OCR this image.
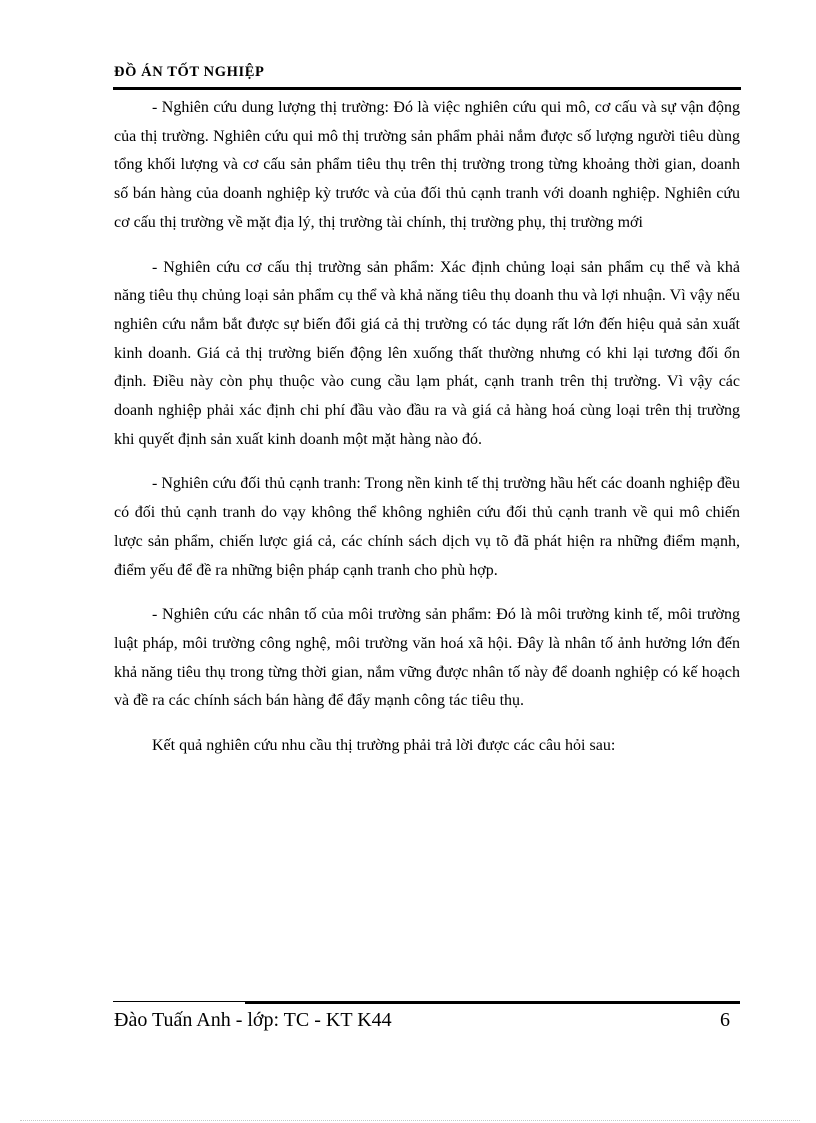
ĐỒ ÁN TỐT NGHIỆP

- Nghiên cứu dung lượng thị trường: Đó là việc nghiên cứu qui mô, cơ cấu và sự vận động của thị trường. Nghiên cứu qui mô thị trường sản phẩm phải nắm được số lượng người tiêu dùng tổng khối lượng và cơ cấu sản phẩm tiêu thụ trên thị trường trong từng khoảng thời gian, doanh số bán hàng của doanh nghiệp kỳ trước và của đối thủ cạnh tranh với doanh nghiệp. Nghiên cứu cơ cấu thị trường về mặt địa lý, thị trường tài chính, thị trường phụ, thị trường mới

- Nghiên cứu cơ cấu thị trường sản phẩm: Xác định chủng loại sản phẩm cụ thể và khả năng tiêu thụ chủng loại sản phẩm cụ thể và khả năng tiêu thụ doanh thu và lợi nhuận. Vì vậy nếu nghiên cứu nắm bắt được sự biến đổi giá cả thị trường có tác dụng rất lớn đến hiệu quả sản xuất kinh doanh. Giá cả thị trường biến động lên xuống thất thường nhưng có khi lại tương đối ổn định. Điều này còn phụ thuộc vào cung cầu lạm phát, cạnh tranh trên thị trường. Vì vậy các doanh nghiệp phải xác định chi phí đầu vào đầu ra và giá cả hàng hoá cùng loại trên thị trường khi quyết định sản xuất kinh doanh một mặt hàng nào đó.

- Nghiên cứu đối thủ cạnh tranh: Trong nền kinh tế thị trường hầu hết các doanh nghiệp đều có đối thủ cạnh tranh do vạy không thể không nghiên cứu đối thủ cạnh tranh về qui mô chiến lược sản phẩm, chiến lược giá cả, các chính sách dịch vụ tõ đã phát hiện ra những điểm mạnh, điểm yếu để đề ra những biện pháp cạnh tranh cho phù hợp.

- Nghiên cứu các nhân tố của môi trường sản phẩm: Đó là môi trường kinh tế, môi trường luật pháp, môi trường công nghệ, môi trường văn hoá xã hội. Đây là nhân tố ảnh hưởng lớn đến khả năng tiêu thụ trong từng thời gian, nắm vững được nhân tố này để doanh nghiệp có kế hoạch và đề ra các chính sách bán hàng để đẩy mạnh công tác tiêu thụ.

Kết quả nghiên cứu nhu cầu thị trường phải trả lời được các câu hỏi sau:

Đào Tuấn Anh - lớp: TC - KT K44	6
